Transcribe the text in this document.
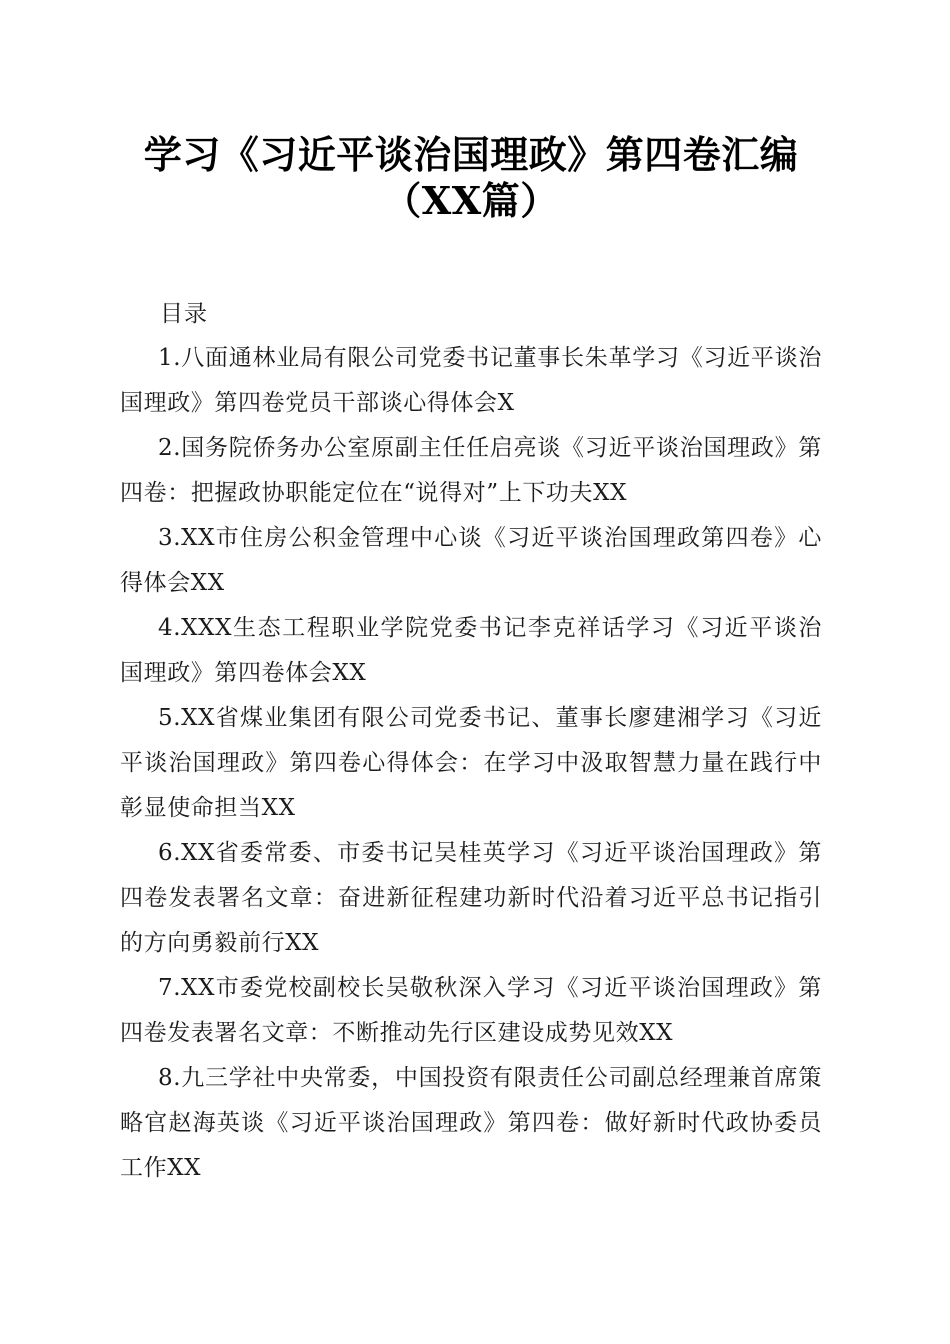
学习《习近平谈治国理政》第四卷汇编（XX篇）
目录
1.八面通林业局有限公司党委书记董事长朱革学习《习近平谈治国理政》第四卷党员干部谈心得体会X
2.国务院侨务办公室原副主任任启亮谈《习近平谈治国理政》第四卷：把握政协职能定位在“说得对”上下功夫XX
3.XX市住房公积金管理中心谈《习近平谈治国理政第四卷》心得体会XX
4.XXX生态工程职业学院党委书记李克祥话学习《习近平谈治国理政》第四卷体会XX
5.XX省煤业集团有限公司党委书记、董事长廖建湘学习《习近平谈治国理政》第四卷心得体会：在学习中汲取智慧力量在践行中彰显使命担当XX
6.XX省委常委、市委书记吴桂英学习《习近平谈治国理政》第四卷发表署名文章：奋进新征程建功新时代沿着习近平总书记指引的方向勇毅前行XX
7.XX市委党校副校长吴敬秋深入学习《习近平谈治国理政》第四卷发表署名文章：不断推动先行区建设成势见效XX
8.九三学社中央常委，中国投资有限责任公司副总经理兼首席策略官赵海英谈《习近平谈治国理政》第四卷：做好新时代政协委员工作XX
